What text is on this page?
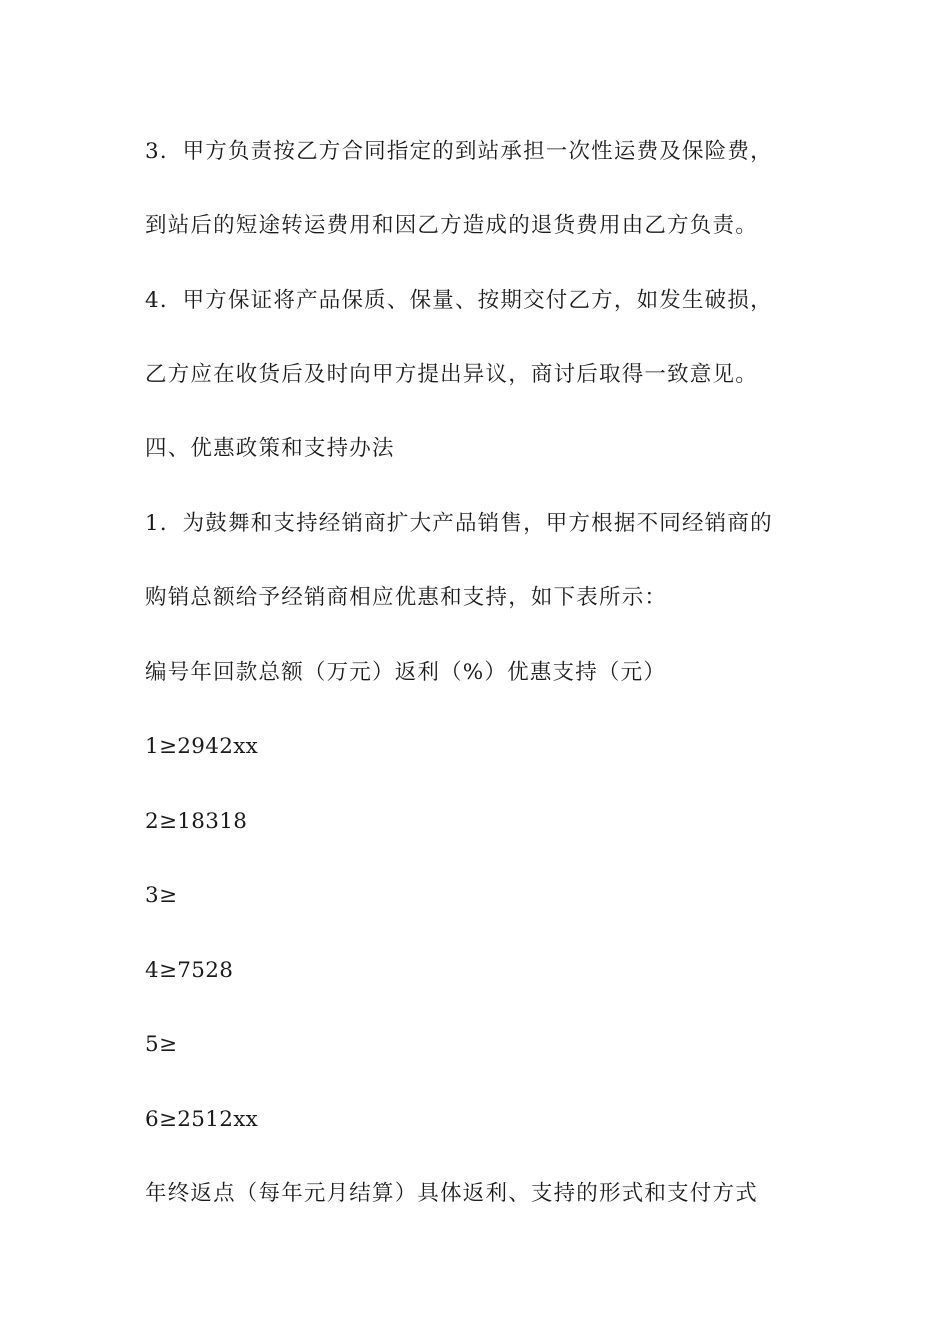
3．甲方负责按乙方合同指定的到站承担一次性运费及保险费，
到站后的短途转运费用和因乙方造成的退货费用由乙方负责。
4．甲方保证将产品保质、保量、按期交付乙方，如发生破损，
乙方应在收货后及时向甲方提出异议，商讨后取得一致意见。
四、优惠政策和支持办法
1．为鼓舞和支持经销商扩大产品销售，甲方根据不同经销商的
购销总额给予经销商相应优惠和支持，如下表所示：
编号年回款总额（万元）返利（%）优惠支持（元）
1≥2942xx
2≥18318
3≥
4≥7528
5≥
6≥2512xx
年终返点（每年元月结算）具体返利、支持的形式和支付方式
